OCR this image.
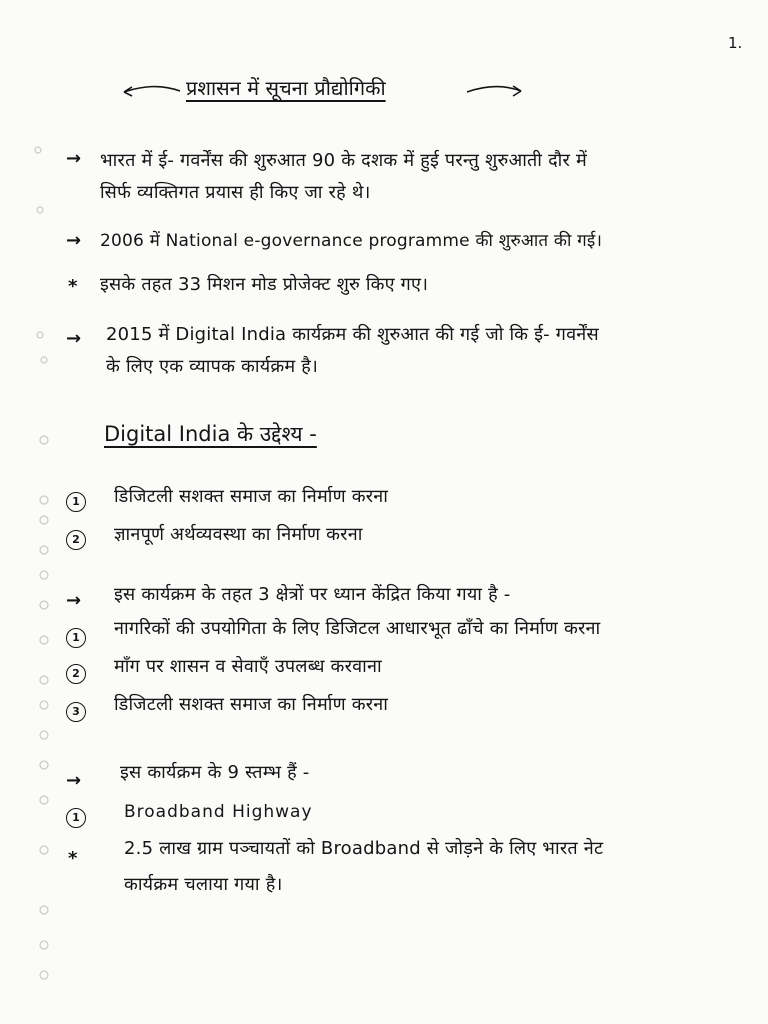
1.
प्रशासन में सूचना प्रौद्योगिकी
→ भारत में ई- गवर्नेंस की शुरुआत 90 के दशक में हुई परन्तु शुरुआती दौर में
सिर्फ व्यक्तिगत प्रयास ही किए जा रहे थे।
→ 2006 में National e-governance programme की शुरुआत की गई।
* इसके तहत 33 मिशन मोड प्रोजेक्ट शुरु किए गए।
→ 2015 में Digital India कार्यक्रम की शुरुआत की गई जो कि ई- गवर्नेंस
के लिए एक व्यापक कार्यक्रम है।
Digital India के उद्देश्य -
1	डिजिटली सशक्त समाज का निर्माण करना
2	ज्ञानपूर्ण अर्थव्यवस्था का निर्माण करना
→ इस कार्यक्रम के तहत 3 क्षेत्रों पर ध्यान केंद्रित किया गया है -
1	नागरिकों की उपयोगिता के लिए डिजिटल आधारभूत ढाँचे का निर्माण करना
2	माँग पर शासन व सेवाएँ उपलब्ध करवाना
3	डिजिटली सशक्त समाज का निर्माण करना
→ इस कार्यक्रम के 9 स्तम्भ हैं -
1	Broadband Highway
*	2.5 लाख ग्राम पञ्चायतों को Broadband से जोड़ने के लिए भारत नेट
कार्यक्रम चलाया गया है।
